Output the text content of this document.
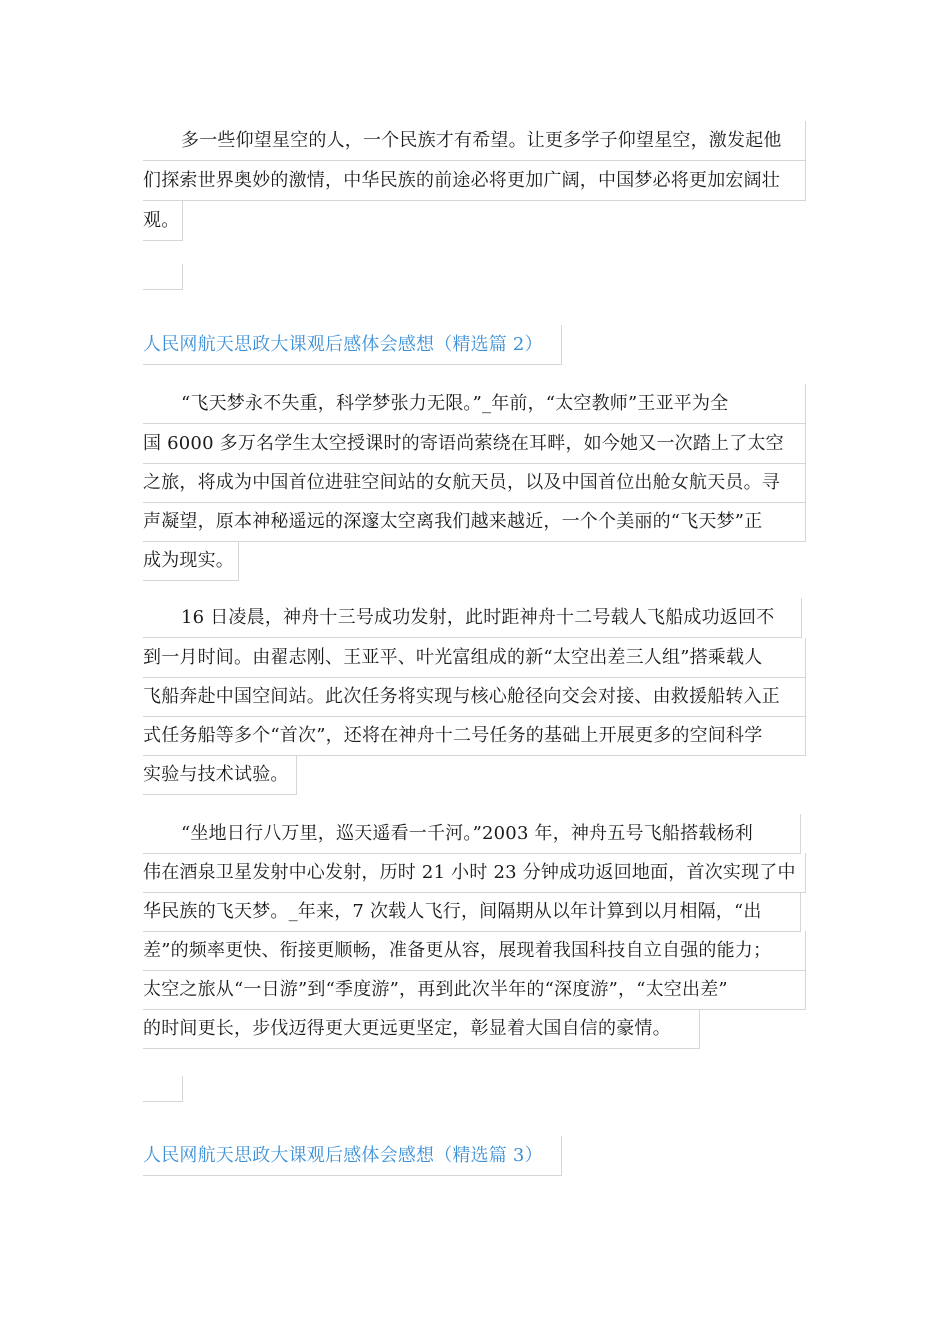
多一些仰望星空的人，一个民族才有希望。让更多学子仰望星空，激发起他
们探索世界奥妙的激情，中华民族的前途必将更加广阔，中国梦必将更加宏阔壮
观。
人民网航天思政大课观后感体会感想（精选篇 2）
“飞天梦永不失重，科学梦张力无限。”_年前，“太空教师”王亚平为全
国 6000 多万名学生太空授课时的寄语尚萦绕在耳畔，如今她又一次踏上了太空
之旅，将成为中国首位进驻空间站的女航天员，以及中国首位出舱女航天员。寻
声凝望，原本神秘遥远的深邃太空离我们越来越近，一个个美丽的“飞天梦”正
成为现实。
16 日凌晨，神舟十三号成功发射，此时距神舟十二号载人飞船成功返回不
到一月时间。由翟志刚、王亚平、叶光富组成的新“太空出差三人组”搭乘载人
飞船奔赴中国空间站。此次任务将实现与核心舱径向交会对接、由救援船转入正
式任务船等多个“首次”，还将在神舟十二号任务的基础上开展更多的空间科学
实验与技术试验。
“坐地日行八万里，巡天遥看一千河。”2003 年，神舟五号飞船搭载杨利
伟在酒泉卫星发射中心发射，历时 21 小时 23 分钟成功返回地面，首次实现了中
华民族的飞天梦。_年来，7 次载人飞行，间隔期从以年计算到以月相隔，“出
差”的频率更快、衔接更顺畅，准备更从容，展现着我国科技自立自强的能力；
太空之旅从“一日游”到“季度游”，再到此次半年的“深度游”，“太空出差”
的时间更长，步伐迈得更大更远更坚定，彰显着大国自信的豪情。
人民网航天思政大课观后感体会感想（精选篇 3）
